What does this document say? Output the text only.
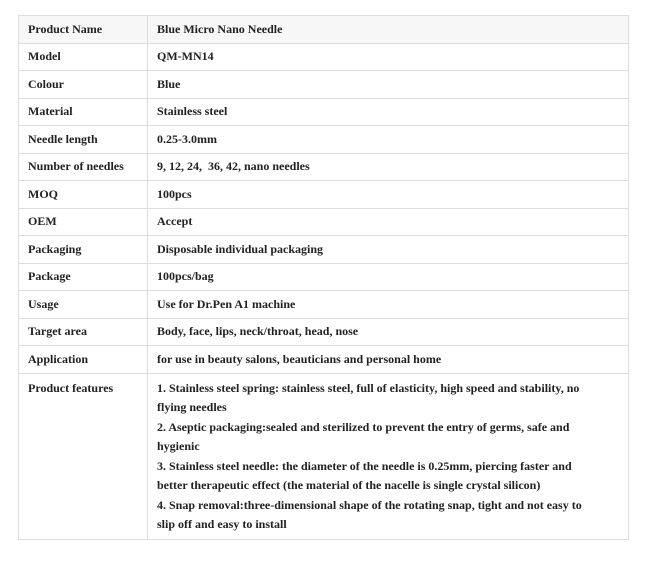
Product Name	Blue Micro Nano Needle
Model	QM-MN14
Colour	Blue
Material	Stainless steel
Needle length	0.25-3.0mm
Number of needles	9, 12, 24,  36, 42, nano needles
MOQ	100pcs
OEM	Accept
Packaging	Disposable individual packaging
Package	100pcs/bag
Usage	Use for Dr.Pen A1 machine
Target area	Body, face, lips, neck/throat, head, nose
Application	for use in beauty salons, beauticians and personal home
Product features	1. Stainless steel spring: stainless steel, full of elasticity, high speed and stability, no flying needles
2. Aseptic packaging:sealed and sterilized to prevent the entry of germs, safe and hygienic
3. Stainless steel needle: the diameter of the needle is 0.25mm, piercing faster and better therapeutic effect (the material of the nacelle is single crystal silicon)
4. Snap removal:three-dimensional shape of the rotating snap, tight and not easy to slip off and easy to install
